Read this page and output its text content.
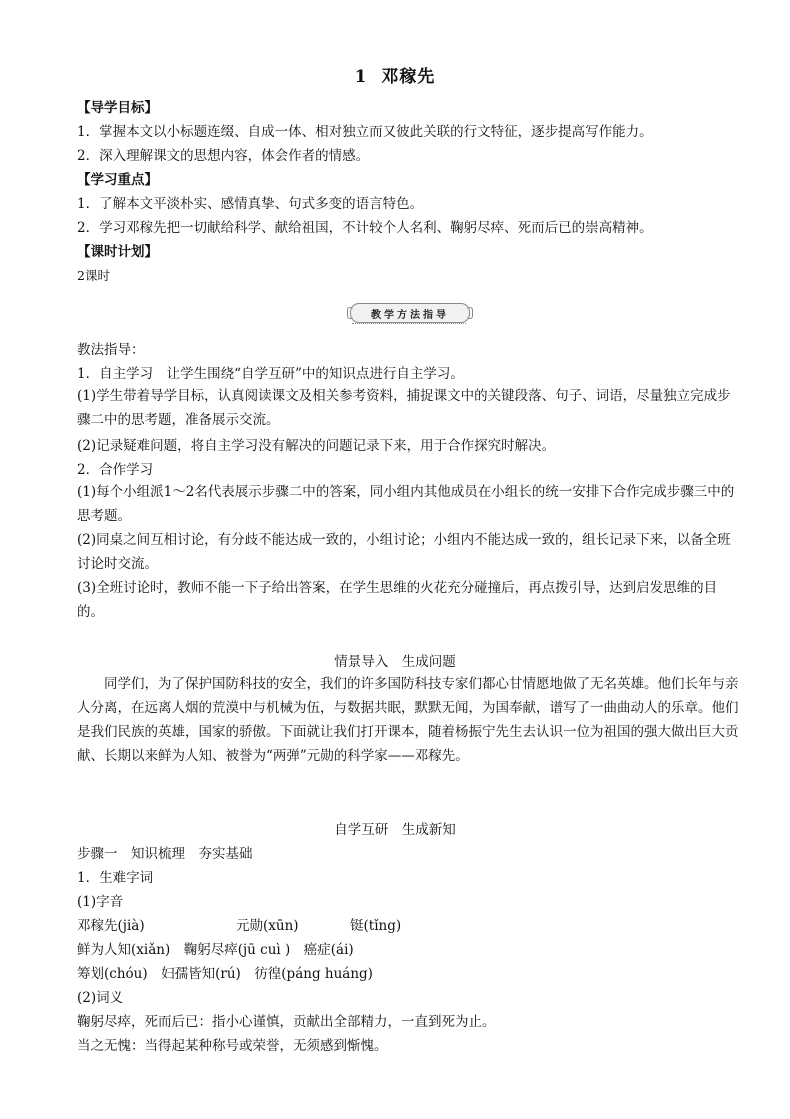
1 邓稼先
【导学目标】
1．掌握本文以小标题连缀、自成一体、相对独立而又彼此关联的行文特征，逐步提高写作能力。
2．深入理解课文的思想内容，体会作者的情感。
【学习重点】
1．了解本文平淡朴实、感情真挚、句式多变的语言特色。
2．学习邓稼先把一切献给科学、献给祖国，不计较个人名利、鞠躬尽瘁、死而后已的崇高精神。
【课时计划】
2课时
教学方法指导
教法指导：
1．自主学习　让学生围绕“自学互研”中的知识点进行自主学习。
(1)学生带着导学目标，认真阅读课文及相关参考资料，捕捉课文中的关键段落、句子、词语，尽量独立完成步骤二中的思考题，准备展示交流。
(2)记录疑难问题，将自主学习没有解决的问题记录下来，用于合作探究时解决。
2．合作学习
(1)每个小组派1～2名代表展示步骤二中的答案，同小组内其他成员在小组长的统一安排下合作完成步骤三中的思考题。
(2)同桌之间互相讨论，有分歧不能达成一致的，小组讨论；小组内不能达成一致的，组长记录下来，以备全班讨论时交流。
(3)全班讨论时，教师不能一下子给出答案，在学生思维的火花充分碰撞后，再点拨引导，达到启发思维的目的。
情景导入　生成问题
同学们，为了保护国防科技的安全，我们的许多国防科技专家们都心甘情愿地做了无名英雄。他们长年与亲人分离，在远离人烟的荒漠中与机械为伍，与数据共眠，默默无闻，为国奉献，谱写了一曲曲动人的乐章。他们是我们民族的英雄，国家的骄傲。下面就让我们打开课本，随着杨振宁先生去认识一位为祖国的强大做出巨大贡献、长期以来鲜为人知、被誉为“两弹”元勋的科学家——邓稼先。
自学互研　生成新知
步骤一　知识梳理　夯实基础
1．生难字词
(1)字音
邓稼先(jià)	元勋(xūn)	铤(tǐng)
鲜为人知(xiǎn)　鞠躬尽瘁(jū cuì )　癌症(ái)
筹划(chóu)　妇孺皆知(rú)　彷徨(páng huáng)
(2)词义
鞠躬尽瘁，死而后已：指小心谨慎，贡献出全部精力，一直到死为止。
当之无愧：当得起某种称号或荣誉，无须感到惭愧。
